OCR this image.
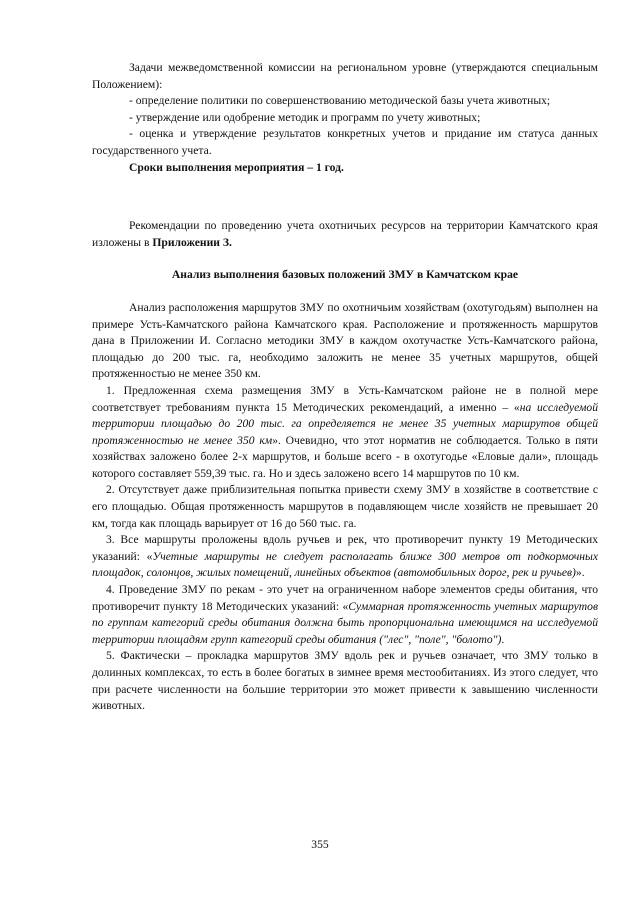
Задачи межведомственной комиссии на региональном уровне (утверждаются специальным Положением):

- определение политики по совершенствованию методической базы учета животных;

- утверждение или одобрение методик и программ по учету животных;

- оценка и утверждение результатов конкретных учетов и придание им статуса данных государственного учета.

Сроки выполнения мероприятия – 1 год.

Рекомендации по проведению учета охотничьих ресурсов на территории Камчатского края изложены в Приложении З.

Анализ выполнения базовых положений ЗМУ в Камчатском крае

Анализ расположения маршрутов ЗМУ по охотничьим хозяйствам (охотугодьям) выполнен на примере Усть-Камчатского района Камчатского края. Расположение и протяженность маршрутов дана в Приложении И. Согласно методики ЗМУ в каждом охотучастке Усть-Камчатского района, площадью до 200 тыс. га, необходимо заложить не менее 35 учетных маршрутов, общей протяженностью не менее 350 км.

1. Предложенная схема размещения ЗМУ в Усть-Камчатском районе не в полной мере соответствует требованиям пункта 15 Методических рекомендаций, а именно – «на исследуемой территории площадью до 200 тыс. га определяется не менее 35 учетных маршрутов общей протяженностью не менее 350 км». Очевидно, что этот норматив не соблюдается. Только в пяти хозяйствах заложено более 2-х маршрутов, и больше всего - в охотугодье «Еловые дали», площадь которого составляет 559,39 тыс. га. Но и здесь заложено всего 14 маршрутов по 10 км.

2. Отсутствует даже приблизительная попытка привести схему ЗМУ в хозяйстве в соответствие с его площадью. Общая протяженность маршрутов в подавляющем числе хозяйств не превышает 20 км, тогда как площадь варьирует от 16 до 560 тыс. га.

3. Все маршруты проложены вдоль ручьев и рек, что противоречит пункту 19 Методических указаний: «Учетные маршруты не следует располагать ближе 300 метров от подкормочных площадок, солонцов, жилых помещений, линейных объектов (автомобильных дорог, рек и ручьев)».

4. Проведение ЗМУ по рекам - это учет на ограниченном наборе элементов среды обитания, что противоречит пункту 18 Методических указаний: «Суммарная протяженность учетных маршрутов по группам категорий среды обитания должна быть пропорциональна имеющимся на исследуемой территории площадям групп категорий среды обитания ("лес", "поле", "болото").

5. Фактически – прокладка маршрутов ЗМУ вдоль рек и ручьев означает, что ЗМУ только в долинных комплексах, то есть в более богатых в зимнее время местообитаниях. Из этого следует, что при расчете численности на большие территории это может привести к завышению численности животных.

355
